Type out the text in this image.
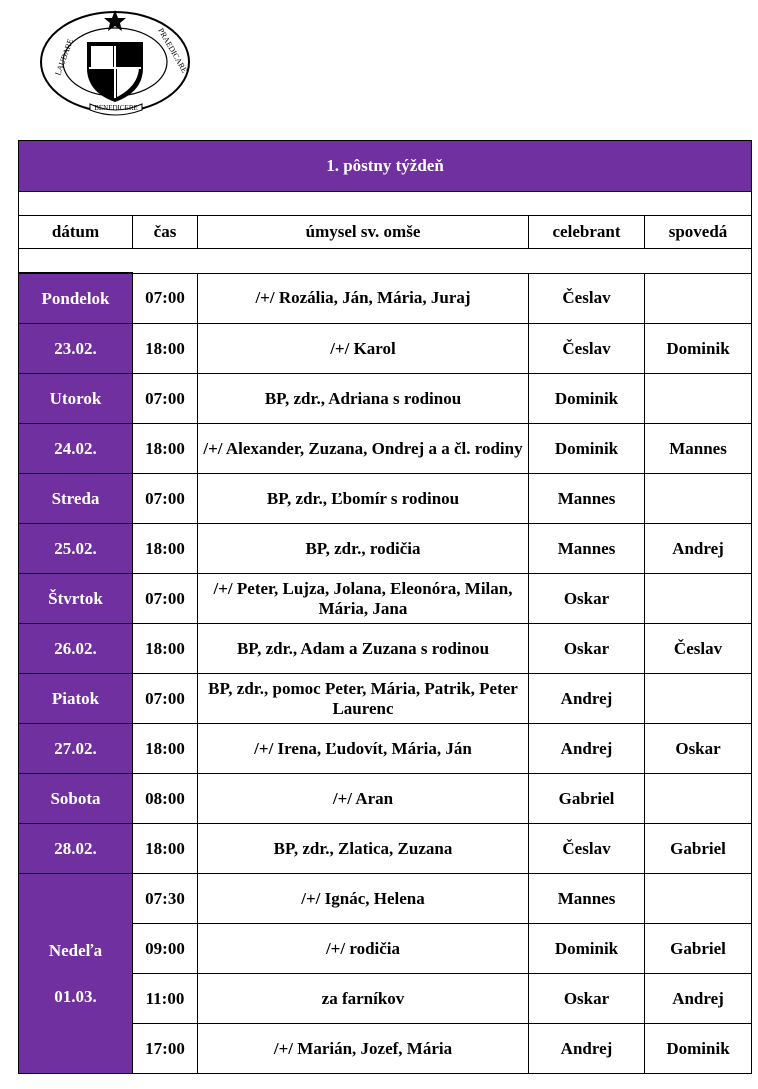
BENEDICERE
LAUDARE	PRAEDICARE
1. pôstny týždeň				

dátum	čas	úmysel sv. omše	celebrant	spovedá

Pondelok	07:00	/+/ Rozália, Ján, Mária, Juraj	Česlav	
23.02.	18:00	/+/ Karol	Česlav	Dominik
Utorok	07:00	BP, zdr., Adriana s rodinou	Dominik	
24.02.	18:00	/+/ Alexander, Zuzana, Ondrej a a čl. rodiny	Dominik	Mannes
Streda	07:00	BP, zdr., Ľbomír s rodinou	Mannes	
25.02.	18:00	BP, zdr., rodičia	Mannes	Andrej
Štvrtok	07:00	/+/ Peter, Lujza, Jolana, Eleonóra, Milan, Mária, Jana	Oskar	
26.02.	18:00	BP, zdr., Adam a Zuzana s rodinou	Oskar	Česlav
Piatok	07:00	BP, zdr., pomoc Peter, Mária, Patrik, Peter Laurenc	Andrej	
27.02.	18:00	/+/ Irena, Ľudovít, Mária, Ján	Andrej	Oskar
Sobota	08:00	/+/ Aran	Gabriel	
28.02.	18:00	BP, zdr., Zlatica, Zuzana	Česlav	Gabriel

Nedeľa
01.03.	07:30	/+/ Ignác, Helena	Mannes	
	09:00	/+/ rodičia	Dominik	Gabriel
	11:00	za farníkov	Oskar	Andrej
	17:00	/+/ Marián, Jozef, Mária	Andrej	Dominik
